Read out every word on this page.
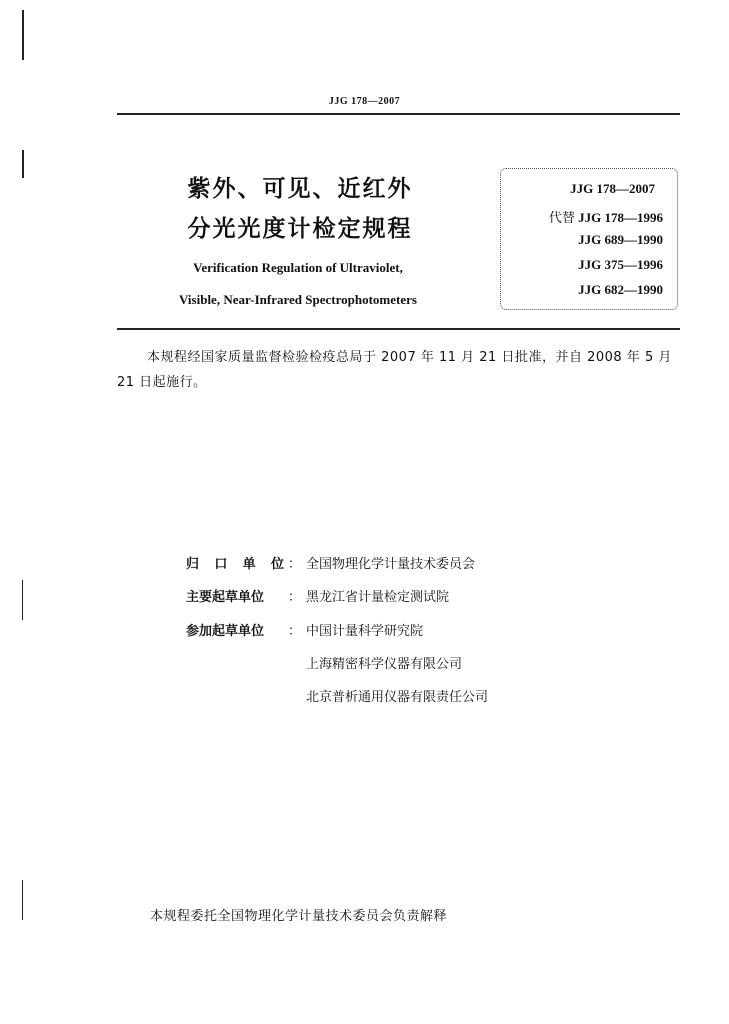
JJG 178—2007
紫外、可见、近红外
分光光度计检定规程
Verification Regulation of Ultraviolet,
Visible, Near-Infrared Spectrophotometers
JJG 178—2007
代替 JJG 178—1996
JJG 689—1990
JJG 375—1996
JJG 682—1990
本规程经国家质量监督检验检疫总局于 2007 年 11 月 21 日批准，并自 2008 年 5 月 21 日起施行。
归 口 单 位 ： 全国物理化学计量技术委员会
主要起草单位	： 黑龙江省计量检定测试院
参加起草单位	： 中国计量科学研究院
上海精密科学仪器有限公司
北京普析通用仪器有限责任公司
本规程委托全国物理化学计量技术委员会负责解释
